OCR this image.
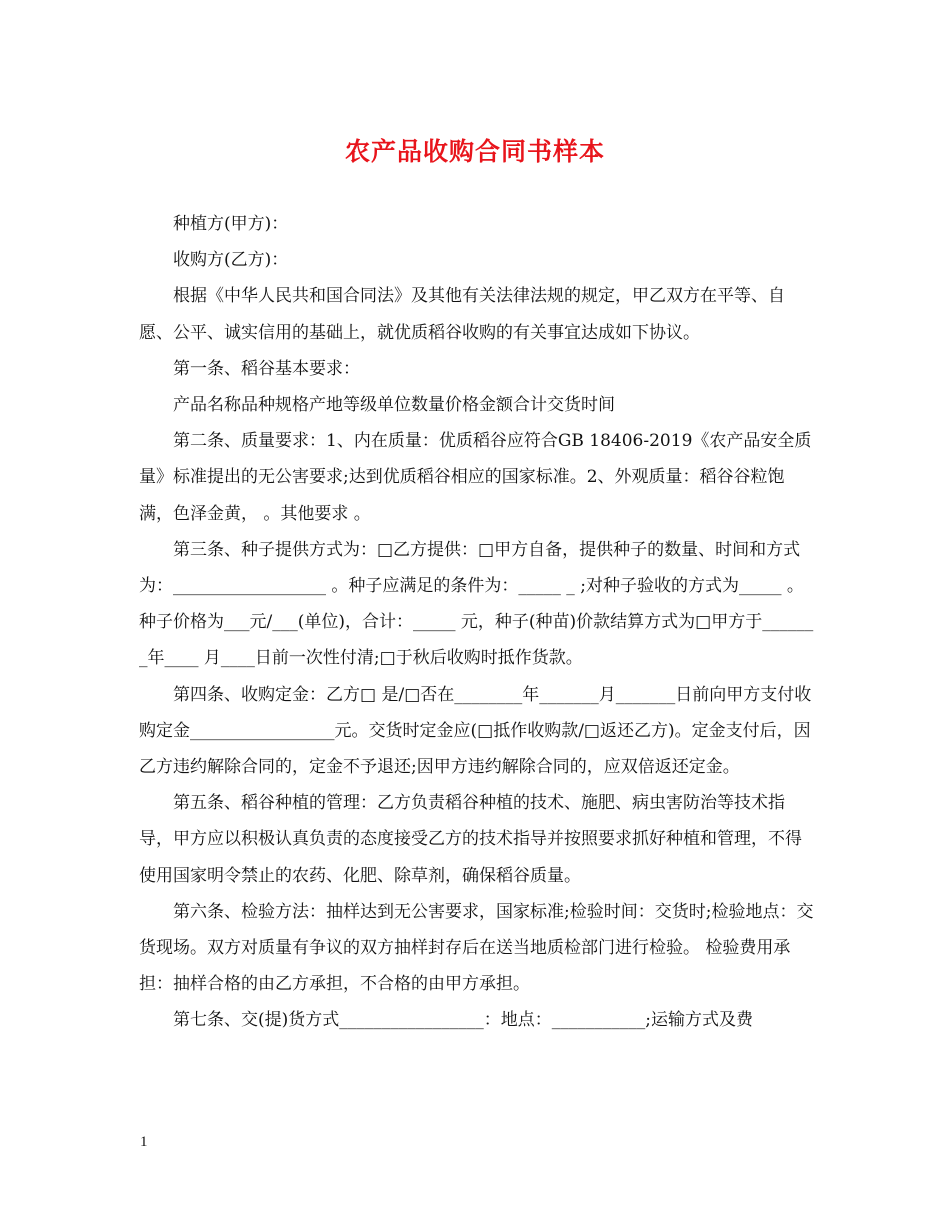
农产品收购合同书样本

种植方(甲方)：

收购方(乙方)：

根据《中华人民共和国合同法》及其他有关法律法规的规定，甲乙双方在平等、自愿、公平、诚实信用的基础上，就优质稻谷收购的有关事宜达成如下协议。

第一条、稻谷基本要求：

产品名称品种规格产地等级单位数量价格金额合计交货时间

第二条、质量要求：1、内在质量：优质稻谷应符合GB 18406-2019《农产品安全质量》标准提出的无公害要求;达到优质稻谷相应的国家标准。2、外观质量：稻谷谷粒饱满，色泽金黄， 。其他要求 。

第三条、种子提供方式为：□乙方提供：□甲方自备，提供种子的数量、时间和方式为：__________________ 。种子应满足的条件为：_____ _ ;对种子验收的方式为_____ 。种子价格为___元/___(单位)，合计：_____ 元，种子(种苗)价款结算方式为□甲方于_______年____ 月____日前一次性付清;□于秋后收购时抵作货款。

第四条、收购定金：乙方□ 是/□否在________年_______月_______日前向甲方支付收购定金_________________元。交货时定金应(□抵作收购款/□返还乙方)。定金支付后，因乙方违约解除合同的，定金不予退还;因甲方违约解除合同的，应双倍返还定金。

第五条、稻谷种植的管理：乙方负责稻谷种植的技术、施肥、病虫害防治等技术指导，甲方应以积极认真负责的态度接受乙方的技术指导并按照要求抓好种植和管理，不得使用国家明令禁止的农药、化肥、除草剂，确保稻谷质量。

第六条、检验方法：抽样达到无公害要求，国家标准;检验时间：交货时;检验地点：交货现场。双方对质量有争议的双方抽样封存后在送当地质检部门进行检验。 检验费用承担：抽样合格的由乙方承担，不合格的由甲方承担。

第七条、交(提)货方式_________________：地点：___________;运输方式及费

1
